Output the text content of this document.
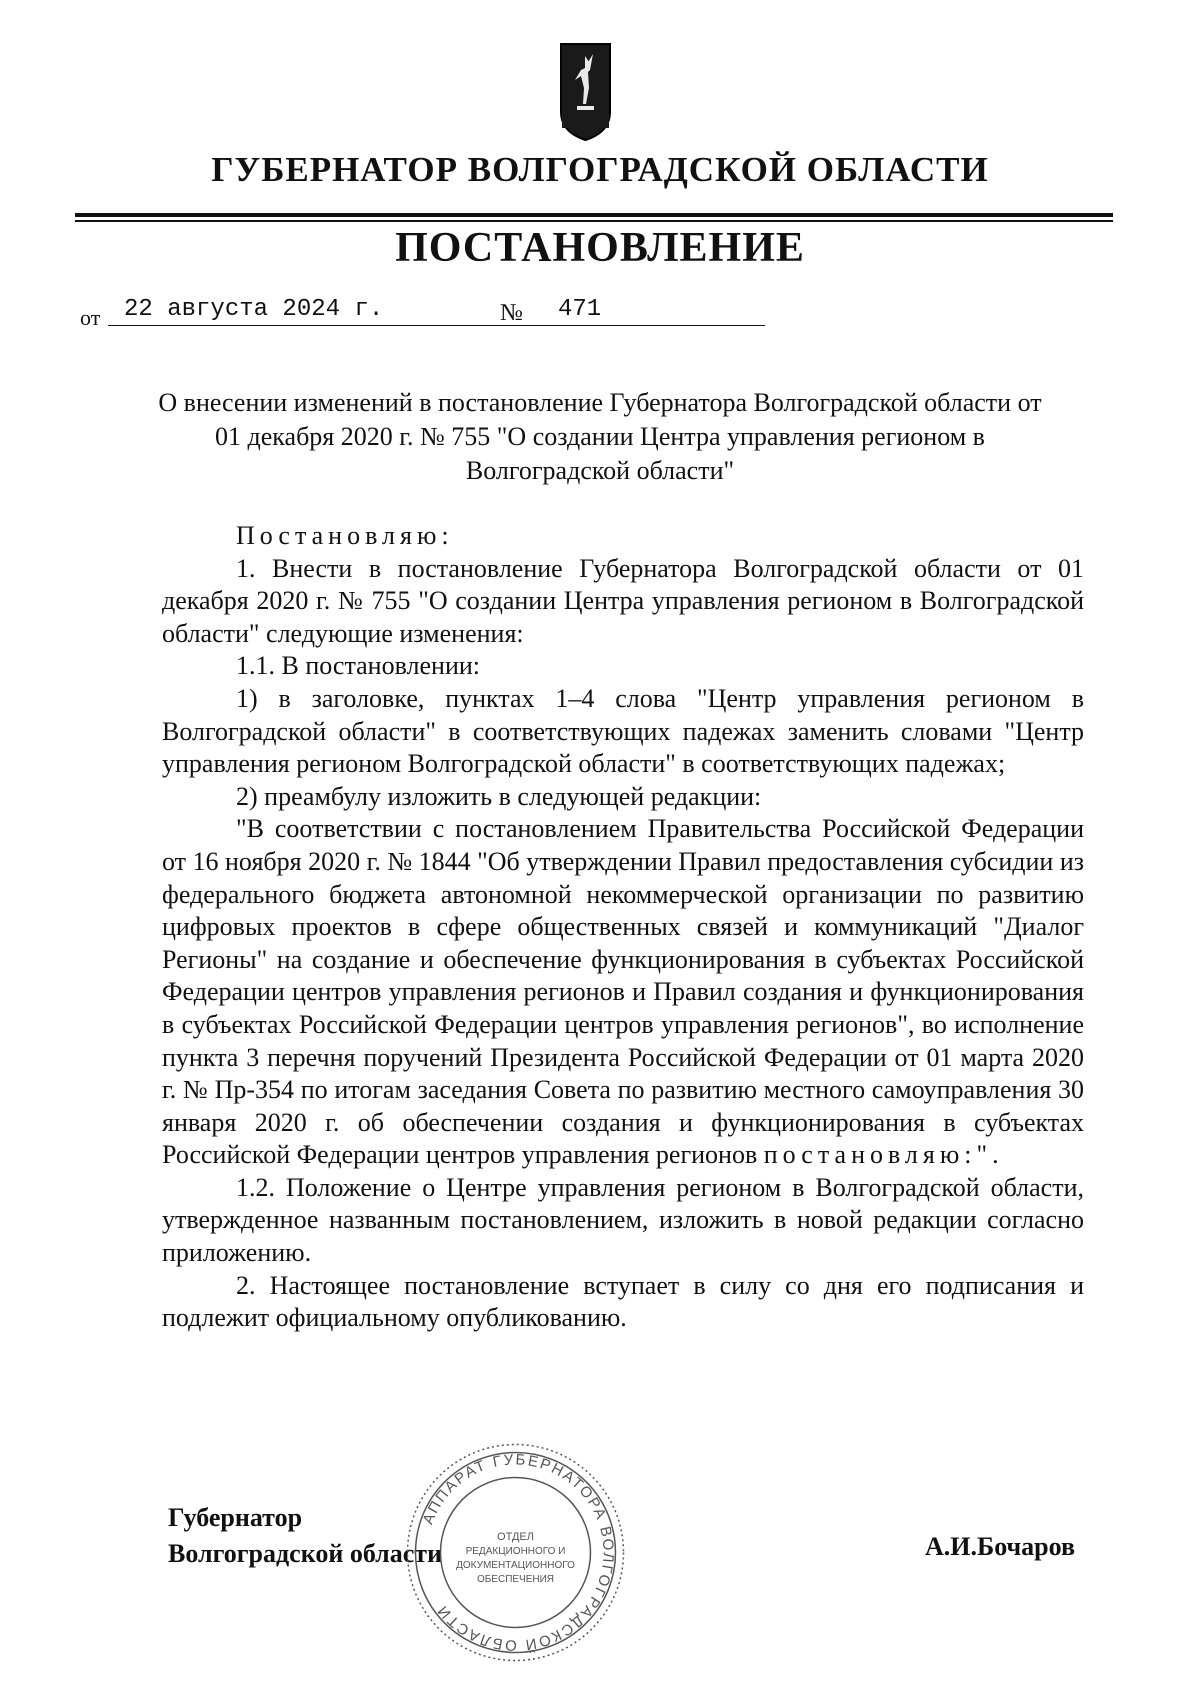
ГУБЕРНАТОР ВОЛГОГРАДСКОЙ ОБЛАСТИ
ПОСТАНОВЛЕНИЕ
от 22 августа 2024 г.	№	471
О внесении изменений в постановление Губернатора Волгоградской области от 01 декабря 2020 г. № 755 "О создании Центра управления регионом в Волгоградской области"

Постановляю:

1. Внести в постановление Губернатора Волгоградской области от 01 декабря 2020 г. № 755 "О создании Центра управления регионом в Волгоградской области" следующие изменения:

1.1. В постановлении:

1) в заголовке, пунктах 1–4 слова "Центр управления регионом в Волгоградской области" в соответствующих падежах заменить словами "Центр управления регионом Волгоградской области" в соответствующих падежах;

2) преамбулу изложить в следующей редакции:

"В соответствии с постановлением Правительства Российской Федерации от 16 ноября 2020 г. № 1844 "Об утверждении Правил предоставления субсидии из федерального бюджета автономной некоммерческой организации по развитию цифровых проектов в сфере общественных связей и коммуникаций "Диалог Регионы" на создание и обеспечение функционирования в субъектах Российской Федерации центров управления регионов и Правил создания и функционирования в субъектах Российской Федерации центров управления регионов", во исполнение пункта 3 перечня поручений Президента Российской Федерации от 01 марта 2020 г. № Пр-354 по итогам заседания Совета по развитию местного самоуправления 30 января 2020 г. об обеспечении создания и функционирования в субъектах Российской Федерации центров управления регионов постановляю:".

1.2. Положение о Центре управления регионом в Волгоградской области, утвержденное названным постановлением, изложить в новой редакции согласно приложению.

2. Настоящее постановление вступает в силу со дня его подписания и подлежит официальному опубликованию.

Губернатор
Волгоградской области	А.И.Бочаров
АППАРАТ ГУБЕРНАТОРА ВОЛГОГРАДСКОЙ ОБЛАСТИ
ОТДЕЛ
РЕДАКЦИОННОГО И
ДОКУМЕНТАЦИОННОГО
ОБЕСПЕЧЕНИЯ
